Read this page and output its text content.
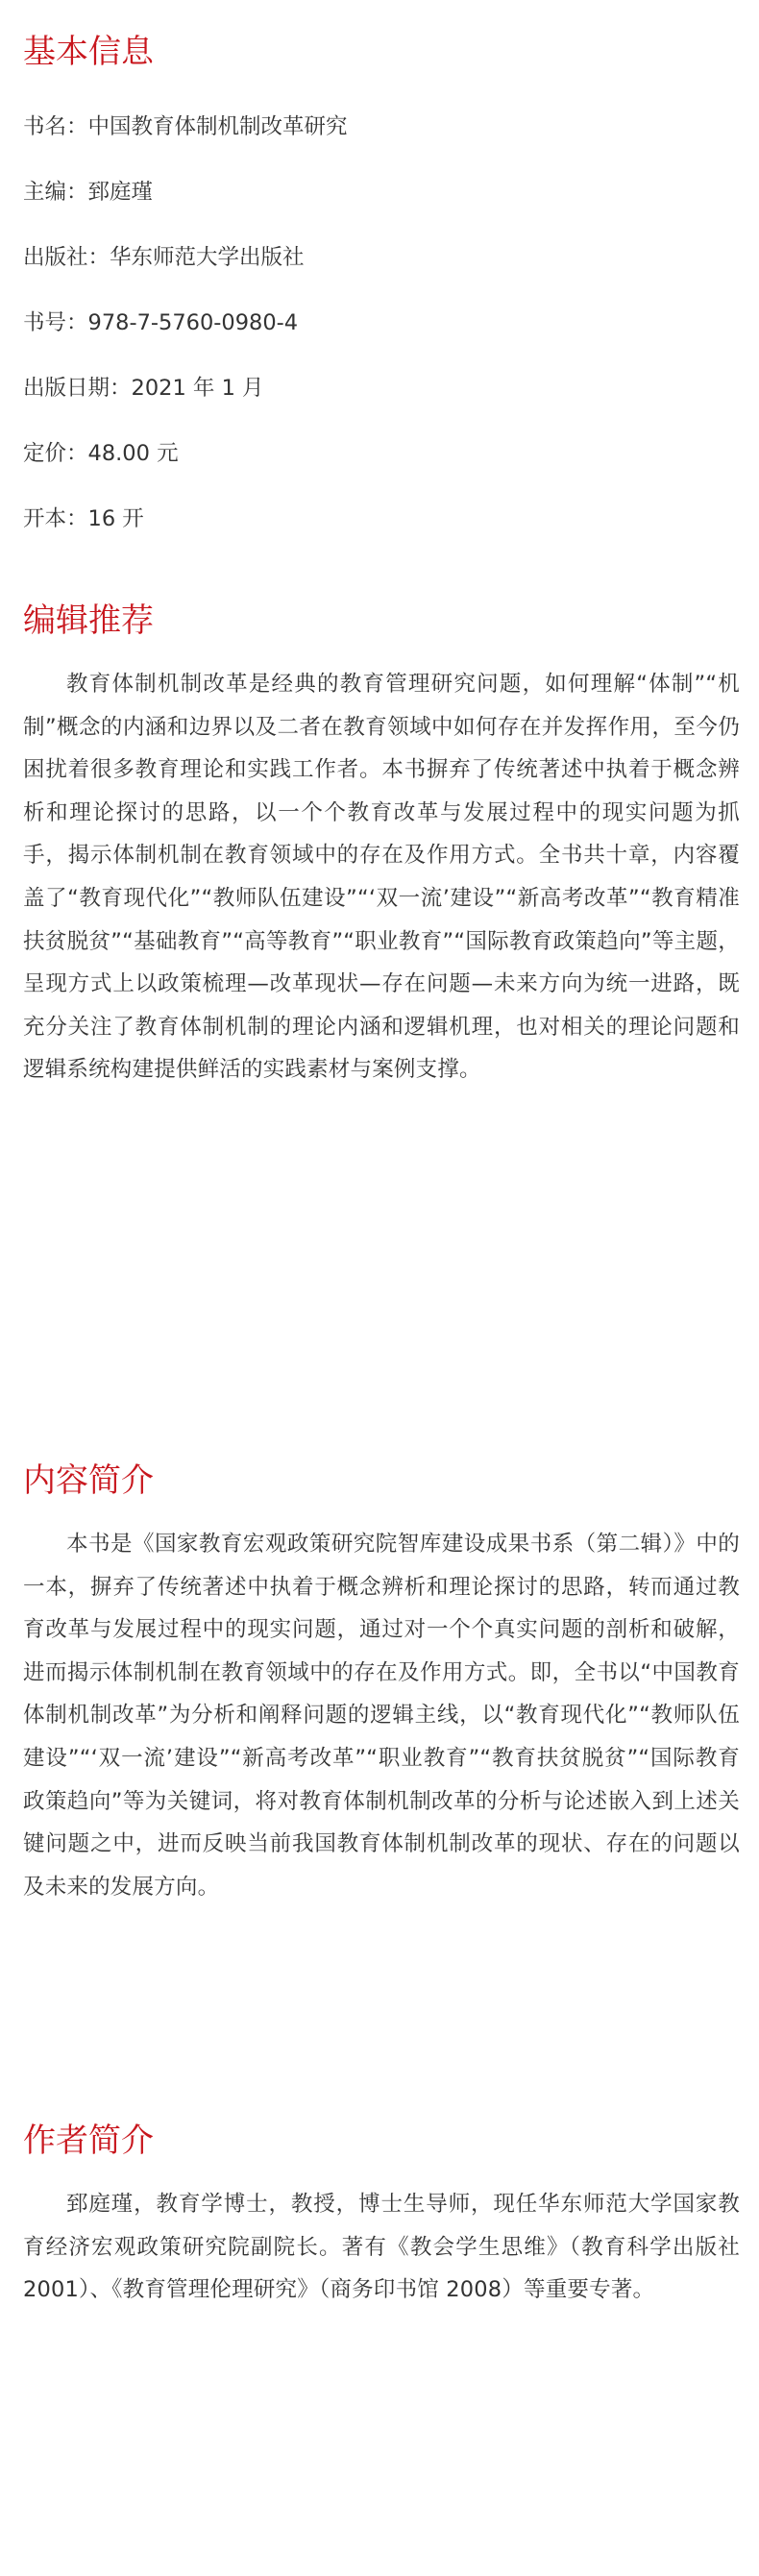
基本信息
书名：中国教育体制机制改革研究
主编：郅庭瑾
出版社：华东师范大学出版社
书号：978-7-5760-0980-4
出版日期：2021 年 1 月
定价：48.00 元
开本：16 开
编辑推荐

教育体制机制改革是经典的教育管理研究问题，如何理解“体制”“机制”概念的内涵和边界以及二者在教育领域中如何存在并发挥作用，至今仍困扰着很多教育理论和实践工作者。本书摒弃了传统著述中执着于概念辨析和理论探讨的思路，以一个个教育改革与发展过程中的现实问题为抓手，揭示体制机制在教育领域中的存在及作用方式。全书共十章，内容覆盖了“教育现代化”“教师队伍建设”“‘双一流’建设”“新高考改革”“教育精准扶贫脱贫”“基础教育”“高等教育”“职业教育”“国际教育政策趋向”等主题，呈现方式上以政策梳理—改革现状—存在问题—未来方向为统一进路，既充分关注了教育体制机制的理论内涵和逻辑机理，也对相关的理论问题和逻辑系统构建提供鲜活的实践素材与案例支撑。

内容简介

本书是《国家教育宏观政策研究院智库建设成果书系（第二辑）》中的一本，摒弃了传统著述中执着于概念辨析和理论探讨的思路，转而通过教育改革与发展过程中的现实问题，通过对一个个真实问题的剖析和破解，进而揭示体制机制在教育领域中的存在及作用方式。即，全书以“中国教育体制机制改革”为分析和阐释问题的逻辑主线，以“教育现代化”“教师队伍建设”“‘双一流’建设”“新高考改革”“职业教育”“教育扶贫脱贫”“国际教育政策趋向”等为关键词，将对教育体制机制改革的分析与论述嵌入到上述关键问题之中，进而反映当前我国教育体制机制改革的现状、存在的问题以及未来的发展方向。

作者简介

郅庭瑾，教育学博士，教授，博士生导师，现任华东师范大学国家教育经济宏观政策研究院副院长。著有《教会学生思维》（教育科学出版社 2001）、《教育管理伦理研究》（商务印书馆 2008）等重要专著。
